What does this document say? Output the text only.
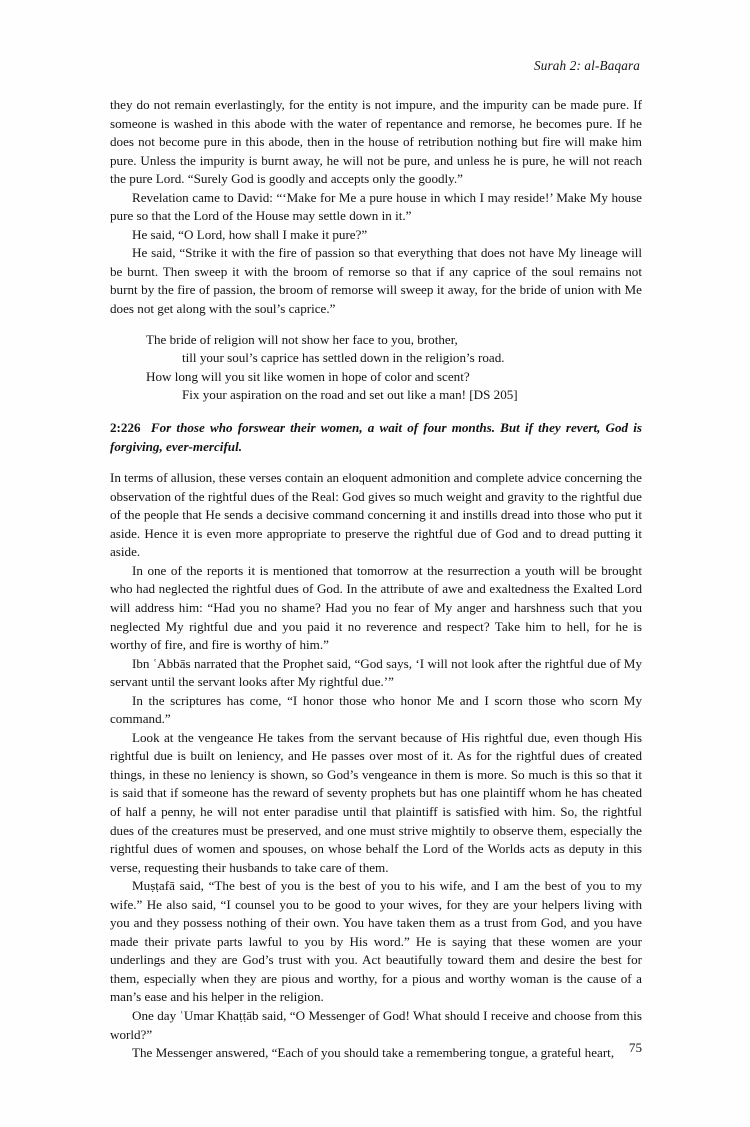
Surah 2: al-Baqara

they do not remain everlastingly, for the entity is not impure, and the impurity can be made pure. If someone is washed in this abode with the water of repentance and remorse, he becomes pure. If he does not become pure in this abode, then in the house of retribution nothing but fire will make him pure. Unless the impurity is burnt away, he will not be pure, and unless he is pure, he will not reach the pure Lord. “Surely God is goodly and accepts only the goodly.”

Revelation came to David: “‘Make for Me a pure house in which I may reside!’ Make My house pure so that the Lord of the House may settle down in it.”

He said, “O Lord, how shall I make it pure?”

He said, “Strike it with the fire of passion so that everything that does not have My lineage will be burnt. Then sweep it with the broom of remorse so that if any caprice of the soul remains not burnt by the fire of passion, the broom of remorse will sweep it away, for the bride of union with Me does not get along with the soul’s caprice.”

The bride of religion will not show her face to you, brother,
till your soul’s caprice has settled down in the religion’s road.
How long will you sit like women in hope of color and scent?
Fix your aspiration on the road and set out like a man! [DS 205]
2:226 For those who forswear their women, a wait of four months. But if they revert, God is forgiving, ever-merciful.

In terms of allusion, these verses contain an eloquent admonition and complete advice concerning the observation of the rightful dues of the Real: God gives so much weight and gravity to the rightful due of the people that He sends a decisive command concerning it and instills dread into those who put it aside. Hence it is even more appropriate to preserve the rightful due of God and to dread putting it aside.

In one of the reports it is mentioned that tomorrow at the resurrection a youth will be brought who had neglected the rightful dues of God. In the attribute of awe and exaltedness the Exalted Lord will address him: “Had you no shame? Had you no fear of My anger and harshness such that you neglected My rightful due and you paid it no reverence and respect? Take him to hell, for he is worthy of fire, and fire is worthy of him.”

Ibn ʿAbbās narrated that the Prophet said, “God says, ‘I will not look after the rightful due of My servant until the servant looks after My rightful due.’”

In the scriptures has come, “I honor those who honor Me and I scorn those who scorn My command.”

Look at the vengeance He takes from the servant because of His rightful due, even though His rightful due is built on leniency, and He passes over most of it. As for the rightful dues of created things, in these no leniency is shown, so God’s vengeance in them is more. So much is this so that it is said that if someone has the reward of seventy prophets but has one plaintiff whom he has cheated of half a penny, he will not enter paradise until that plaintiff is satisfied with him. So, the rightful dues of the creatures must be preserved, and one must strive mightily to observe them, especially the rightful dues of women and spouses, on whose behalf the Lord of the Worlds acts as deputy in this verse, requesting their husbands to take care of them.

Muṣṭafā said, “The best of you is the best of you to his wife, and I am the best of you to my wife.” He also said, “I counsel you to be good to your wives, for they are your helpers living with you and they possess nothing of their own. You have taken them as a trust from God, and you have made their private parts lawful to you by His word.” He is saying that these women are your underlings and they are God’s trust with you. Act beautifully toward them and desire the best for them, especially when they are pious and worthy, for a pious and worthy woman is the cause of a man’s ease and his helper in the religion.

One day ʿUmar Khaṭṭāb said, “O Messenger of God! What should I receive and choose from this world?”

The Messenger answered, “Each of you should take a remembering tongue, a grateful heart,	75
